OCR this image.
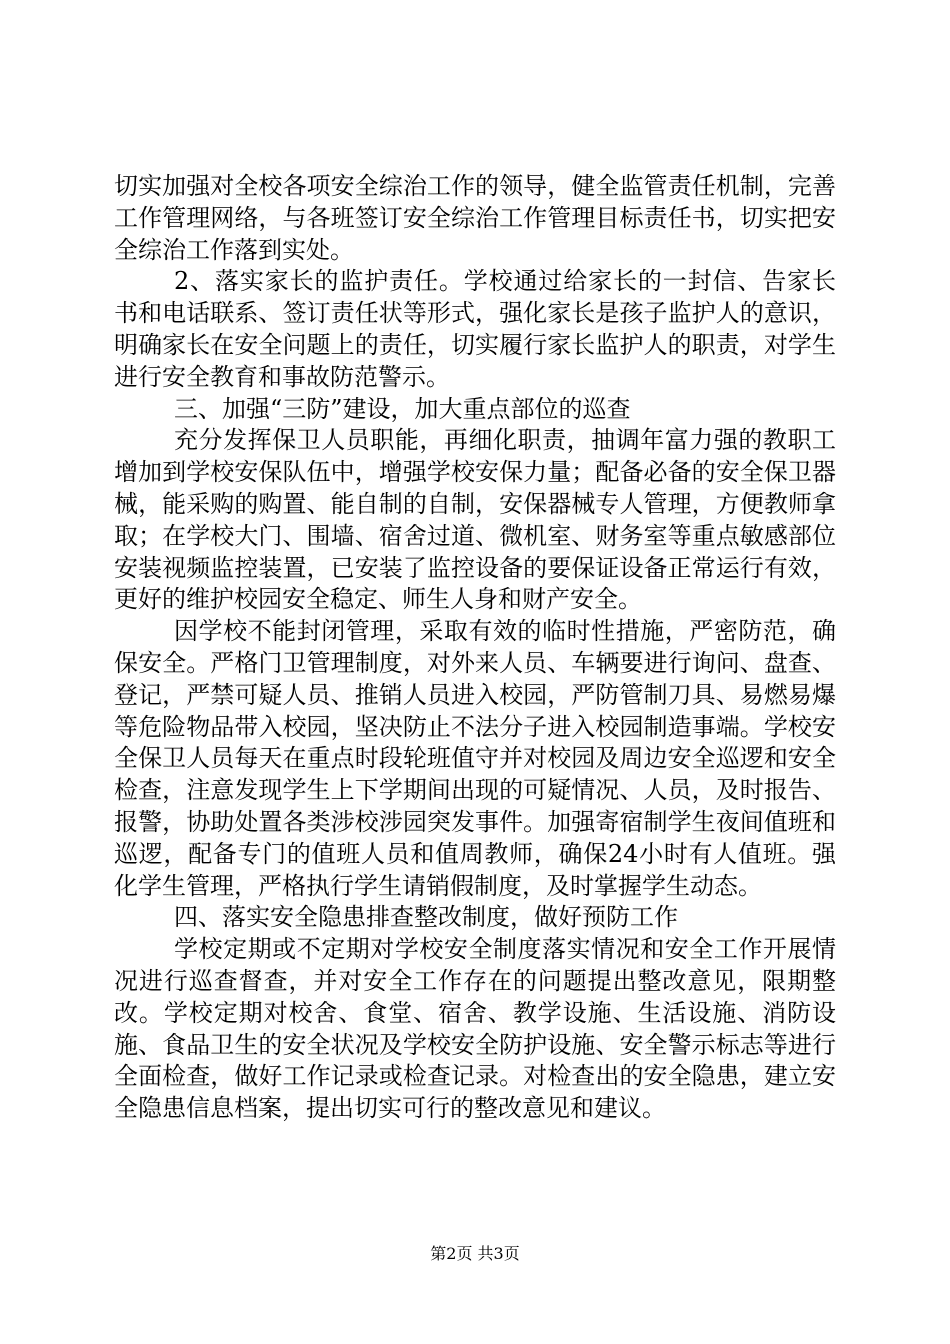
切实加强对全校各项安全综治工作的领导，健全监管责任机制，完善工作管理网络，与各班签订安全综治工作管理目标责任书，切实把安全综治工作落到实处。

2、落实家长的监护责任。学校通过给家长的一封信、告家长书和电话联系、签订责任状等形式，强化家长是孩子监护人的意识，明确家长在安全问题上的责任，切实履行家长监护人的职责，对学生进行安全教育和事故防范警示。

三、加强“三防”建设，加大重点部位的巡查

充分发挥保卫人员职能，再细化职责，抽调年富力强的教职工增加到学校安保队伍中，增强学校安保力量；配备必备的安全保卫器械，能采购的购置、能自制的自制，安保器械专人管理，方便教师拿取；在学校大门、围墙、宿舍过道、微机室、财务室等重点敏感部位安装视频监控装置，已安装了监控设备的要保证设备正常运行有效，更好的维护校园安全稳定、师生人身和财产安全。

因学校不能封闭管理，采取有效的临时性措施，严密防范，确保安全。严格门卫管理制度，对外来人员、车辆要进行询问、盘查、登记，严禁可疑人员、推销人员进入校园，严防管制刀具、易燃易爆等危险物品带入校园，坚决防止不法分子进入校园制造事端。学校安全保卫人员每天在重点时段轮班值守并对校园及周边安全巡逻和安全检查，注意发现学生上下学期间出现的可疑情况、人员，及时报告、报警，协助处置各类涉校涉园突发事件。加强寄宿制学生夜间值班和巡逻，配备专门的值班人员和值周教师，确保24小时有人值班。强化学生管理，严格执行学生请销假制度，及时掌握学生动态。

四、落实安全隐患排查整改制度，做好预防工作

学校定期或不定期对学校安全制度落实情况和安全工作开展情况进行巡查督查，并对安全工作存在的问题提出整改意见，限期整改。学校定期对校舍、食堂、宿舍、教学设施、生活设施、消防设施、食品卫生的安全状况及学校安全防护设施、安全警示标志等进行全面检查，做好工作记录或检查记录。对检查出的安全隐患，建立安全隐患信息档案，提出切实可行的整改意见和建议。

第2页 共3页
